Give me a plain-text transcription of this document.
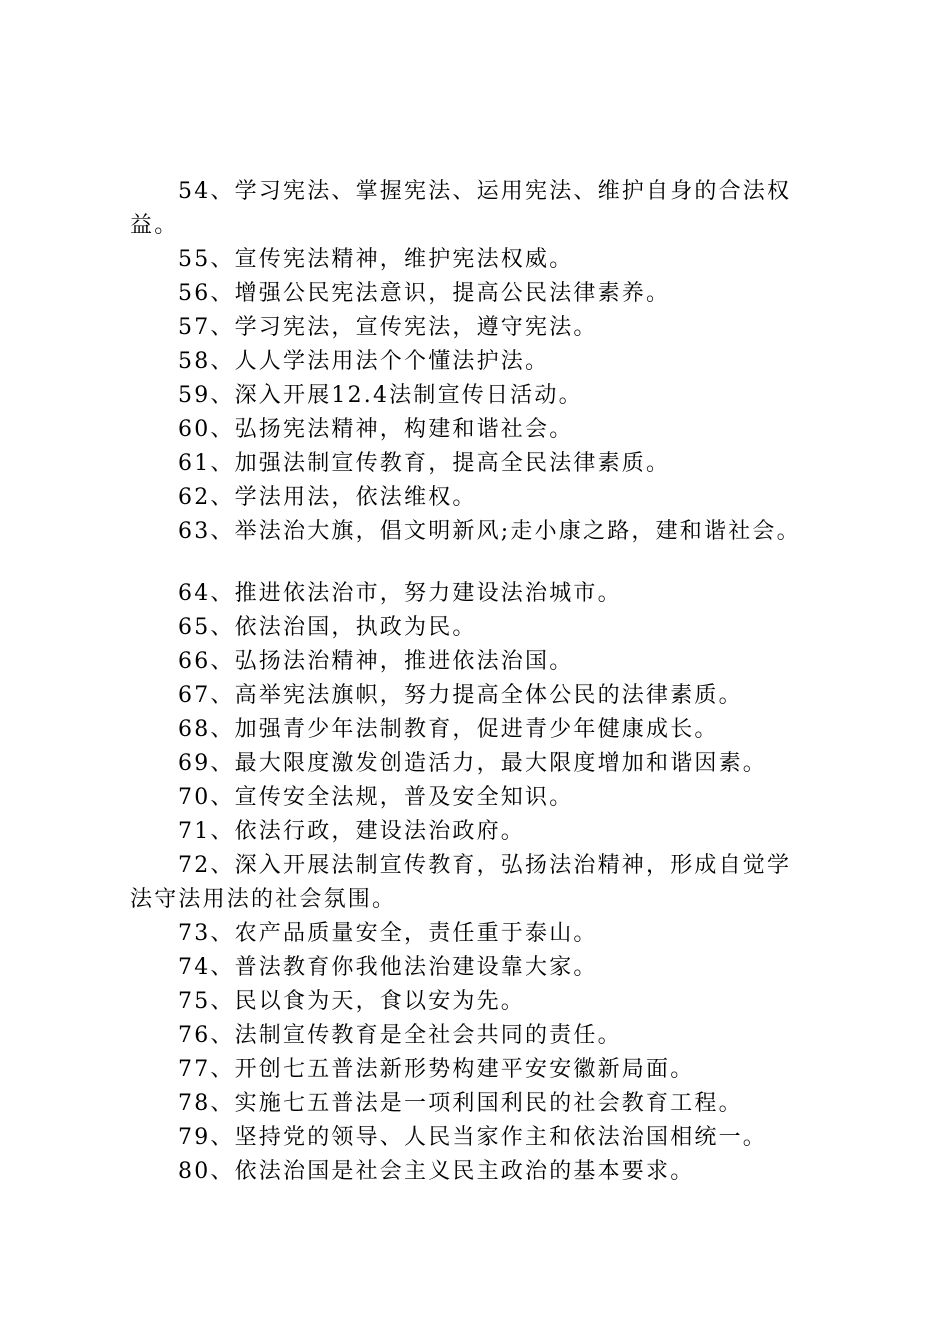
54、学习宪法、掌握宪法、运用宪法、维护自身的合法权
益。
55、宣传宪法精神，维护宪法权威。
56、增强公民宪法意识，提高公民法律素养。
57、学习宪法，宣传宪法，遵守宪法。
58、人人学法用法个个懂法护法。
59、深入开展12.4法制宣传日活动。
60、弘扬宪法精神，构建和谐社会。
61、加强法制宣传教育，提高全民法律素质。
62、学法用法，依法维权。
63、举法治大旗，倡文明新风;走小康之路，建和谐社会。
64、推进依法治市，努力建设法治城市。
65、依法治国，执政为民。
66、弘扬法治精神，推进依法治国。
67、高举宪法旗帜，努力提高全体公民的法律素质。
68、加强青少年法制教育，促进青少年健康成长。
69、最大限度激发创造活力，最大限度增加和谐因素。
70、宣传安全法规，普及安全知识。
71、依法行政，建设法治政府。
72、深入开展法制宣传教育，弘扬法治精神，形成自觉学
法守法用法的社会氛围。
73、农产品质量安全，责任重于泰山。
74、普法教育你我他法治建设靠大家。
75、民以食为天，食以安为先。
76、法制宣传教育是全社会共同的责任。
77、开创七五普法新形势构建平安安徽新局面。
78、实施七五普法是一项利国利民的社会教育工程。
79、坚持党的领导、人民当家作主和依法治国相统一。
80、依法治国是社会主义民主政治的基本要求。
